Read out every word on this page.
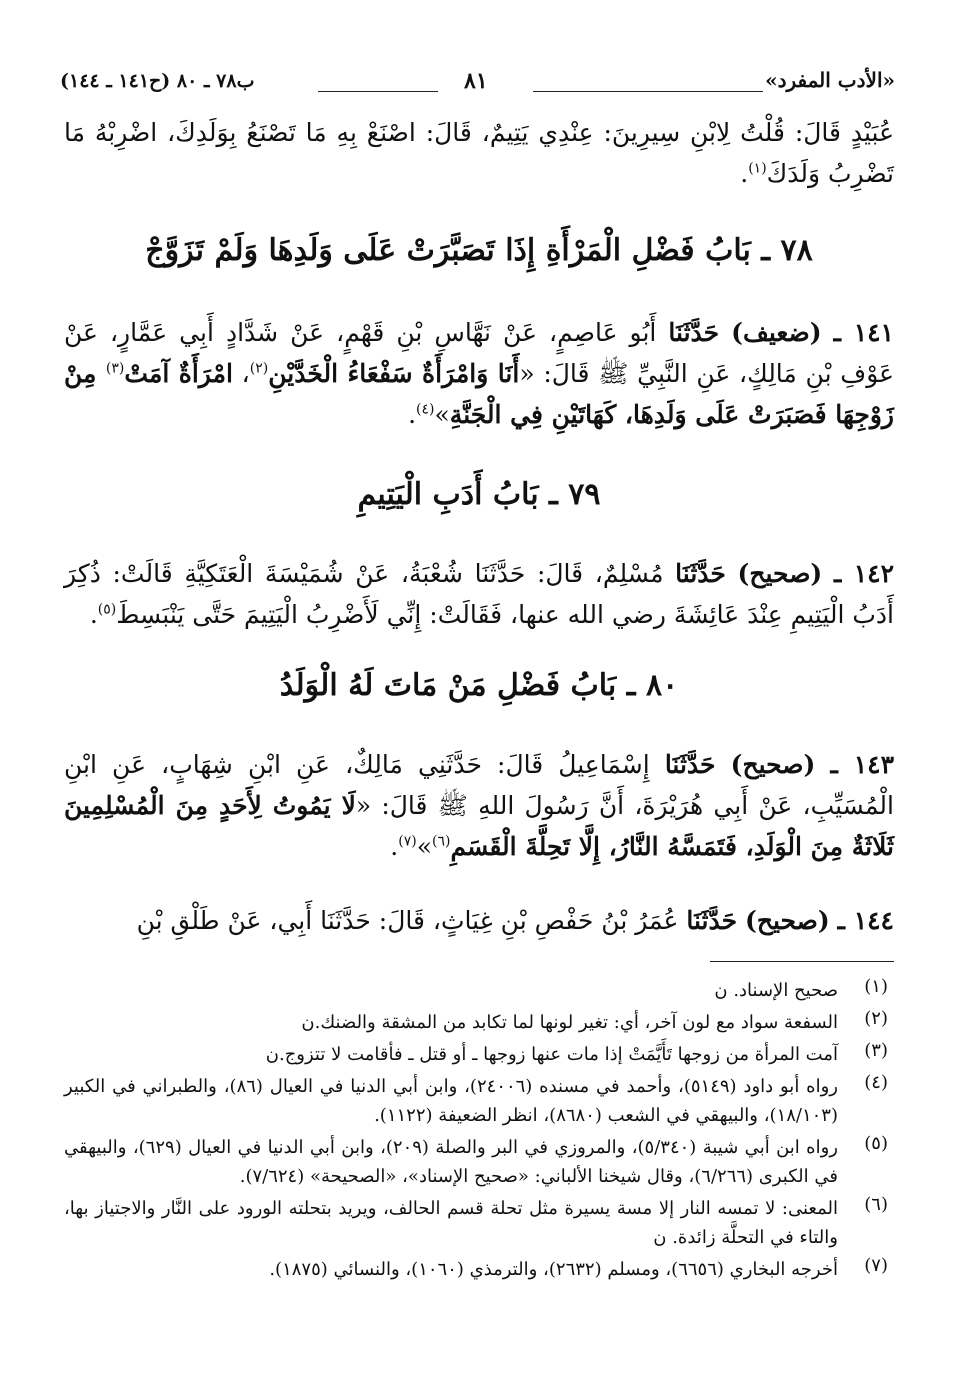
ب٧٨ ـ ٨٠ (ح١٤١ ـ ١٤٤)	٨١	«الأدب المفرد»

عُبَيْدٍ قَالَ: قُلْتُ لِابْنِ سِيرِينَ: عِنْدِي يَتِيمٌ، قَالَ: اصْنَعْ بِهِ مَا تَصْنَعُ بِوَلَدِكَ، اضْرِبْهُ مَا تَضْرِبُ وَلَدَكَ$^{(١)}$.

٧٨ ـ بَابُ فَضْلِ الْمَرْأَةِ إِذَا تَصَبَّرَتْ عَلَى وَلَدِهَا وَلَمْ تَزَوَّجْ

١٤١ ـ (ضعيف) حَدَّثَنَا أَبُو عَاصِمٍ، عَنْ نَهَّاسِ بْنِ قَهْمٍ، عَنْ شَدَّادٍ أَبِي عَمَّارٍ، عَنْ عَوْفِ بْنِ مَالِكٍ، عَنِ النَّبِيِّ ﷺ قَالَ: «أَنَا وَامْرَأَةٌ سَفْعَاءُ الْخَدَّيْنِ$^{(٢)}$، امْرَأَةٌ آمَتْ$^{(٣)}$ مِنْ زَوْجِهَا فَصَبَرَتْ عَلَى وَلَدِهَا، كَهَاتَيْنِ فِي الْجَنَّةِ»$^{(٤)}$.

٧٩ ـ بَابُ أَدَبِ الْيَتِيمِ

١٤٢ ـ (صحيح) حَدَّثَنَا مُسْلِمٌ، قَالَ: حَدَّثَنَا شُعْبَةُ، عَنْ شُمَيْسَةَ الْعَتَكِيَّةِ قَالَتْ: ذُكِرَ أَدَبُ الْيَتِيمِ عِنْدَ عَائِشَةَ رضي الله عنها، فَقَالَتْ: إِنِّي لَأَضْرِبُ الْيَتِيمَ حَتَّى يَنْبَسِطَ$^{(٥)}$.

٨٠ ـ بَابُ فَضْلِ مَنْ مَاتَ لَهُ الْوَلَدُ

١٤٣ ـ (صحيح) حَدَّثَنَا إِسْمَاعِيلُ قَالَ: حَدَّثَنِي مَالِكٌ، عَنِ ابْنِ شِهَابٍ، عَنِ ابْنِ الْمُسَيِّبِ، عَنْ أَبِي هُرَيْرَةَ، أَنَّ رَسُولَ اللهِ ﷺ قَالَ: «لَا يَمُوتُ لِأَحَدٍ مِنَ الْمُسْلِمِينَ ثَلَاثَةٌ مِنَ الْوَلَدِ، فَتَمَسَّهُ النَّارُ، إِلَّا تَحِلَّةَ الْقَسَمِ$^{(٦)}$»$^{(٧)}$.

١٤٤ ـ (صحيح) حَدَّثَنَا عُمَرُ بْنُ حَفْصِ بْنِ غِيَاثٍ، قَالَ: حَدَّثَنَا أَبِي، عَنْ طَلْقِ بْنِ

(١)
صحيح الإسناد. ن
(٢)
السفعة سواد مع لون آخر، أي: تغير لونها لما تكابد من المشقة والضنك.ن
(٣)
آمت المرأة من زوجها تَأَيَّمَتْ إذا مات عنها زوجها ـ أو قتل ـ فأقامت لا تتزوج.ن
(٤)
رواه أبو داود (٥١٤٩)، وأحمد في مسنده (٢٤٠٠٦)، وابن أبي الدنيا في العيال (٨٦)، والطبراني في الكبير (١٨/١٠٣)، والبيهقي في الشعب (٨٦٨٠)، انظر الضعيفة (١١٢٢).
(٥)
رواه ابن أبي شيبة (٥/٣٤٠)، والمروزي في البر والصلة (٢٠٩)، وابن أبي الدنيا في العيال (٦٢٩)، والبيهقي في الكبرى (٦/٢٦٦)، وقال شيخنا الألباني: «صحيح الإسناد»، «الصحيحة» (٧/٦٢٤).
(٦)
المعنى: لا تمسه النار إلا مسة يسيرة مثل تحلة قسم الحالف، ويريد بتحلته الورود على النَّار والاجتياز بها، والتاء في التحلَّة زائدة. ن
(٧)
أخرجه البخاري (٦٦٥٦)، ومسلم (٢٦٣٢)، والترمذي (١٠٦٠)، والنسائي (١٨٧٥).
